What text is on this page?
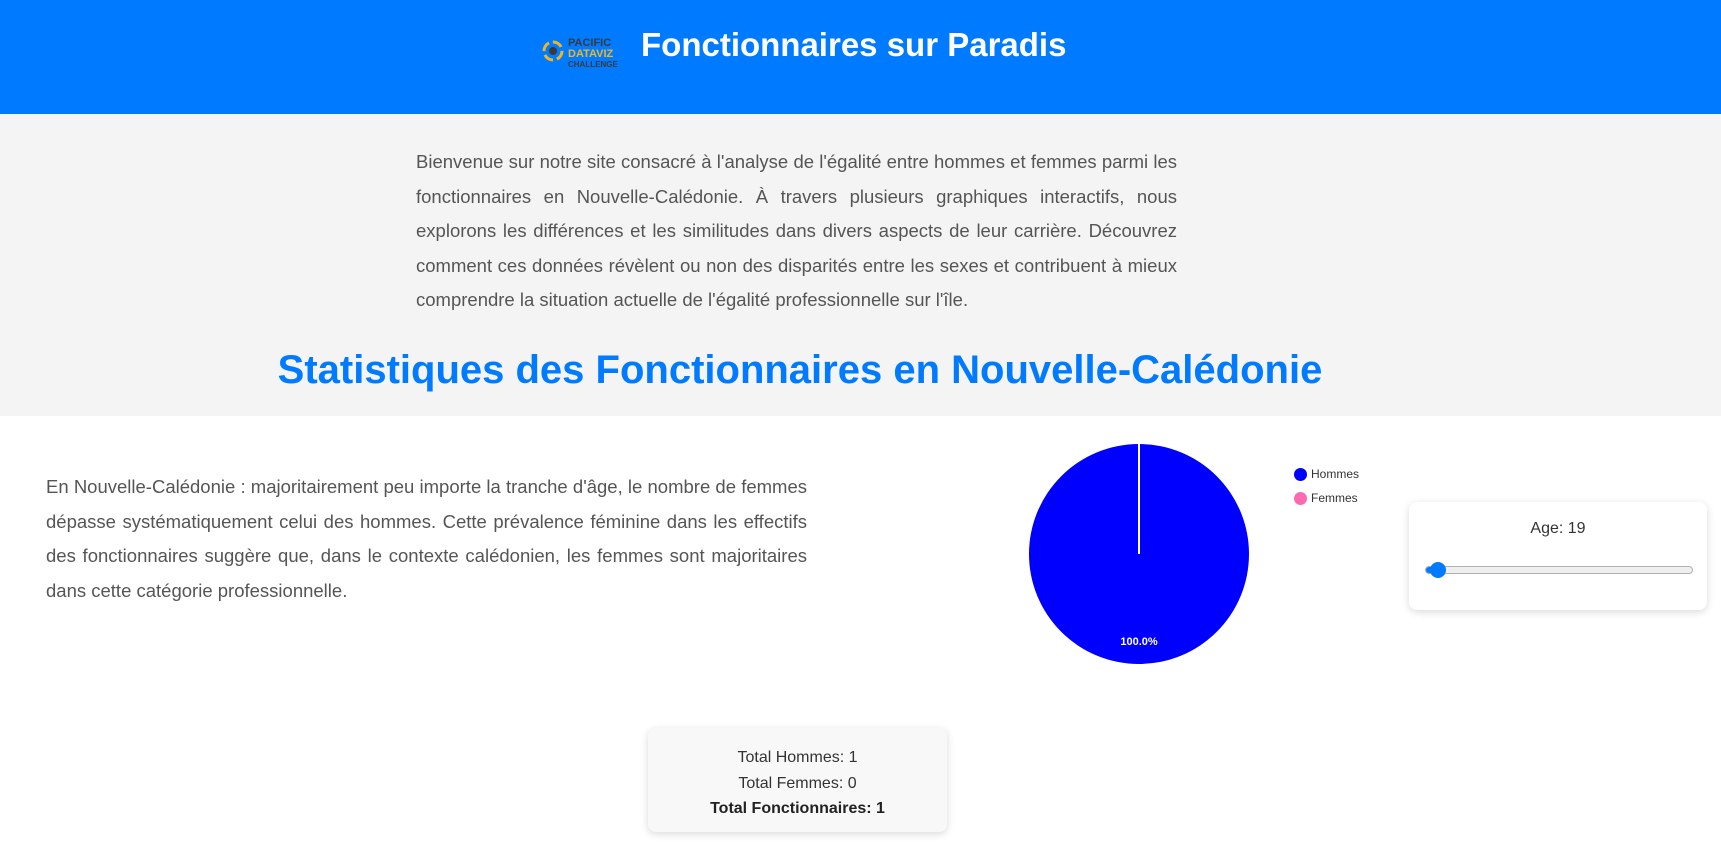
PACIFIC
DATAVIZ
CHALLENGE
Fonctionnaires sur Paradis

Bienvenue sur notre site consacré à l'analyse de l'égalité entre hommes et femmes parmi les fonctionnaires en Nouvelle-Calédonie. À travers plusieurs graphiques interactifs, nous explorons les différences et les similitudes dans divers aspects de leur carrière. Découvrez comment ces données révèlent ou non des disparités entre les sexes et contribuent à mieux comprendre la situation actuelle de l'égalité professionnelle sur l'île.

Statistiques des Fonctionnaires en Nouvelle-Calédonie

En Nouvelle-Calédonie : majoritairement peu importe la tranche d'âge, le nombre de femmes dépasse systématiquement celui des hommes. Cette prévalence féminine dans les effectifs des fonctionnaires suggère que, dans le contexte calédonien, les femmes sont majoritaires dans cette catégorie professionnelle.

100.0%
Hommes
Femmes
Age: 19
Total Hommes: 1
Total Femmes: 0
Total Fonctionnaires: 1
